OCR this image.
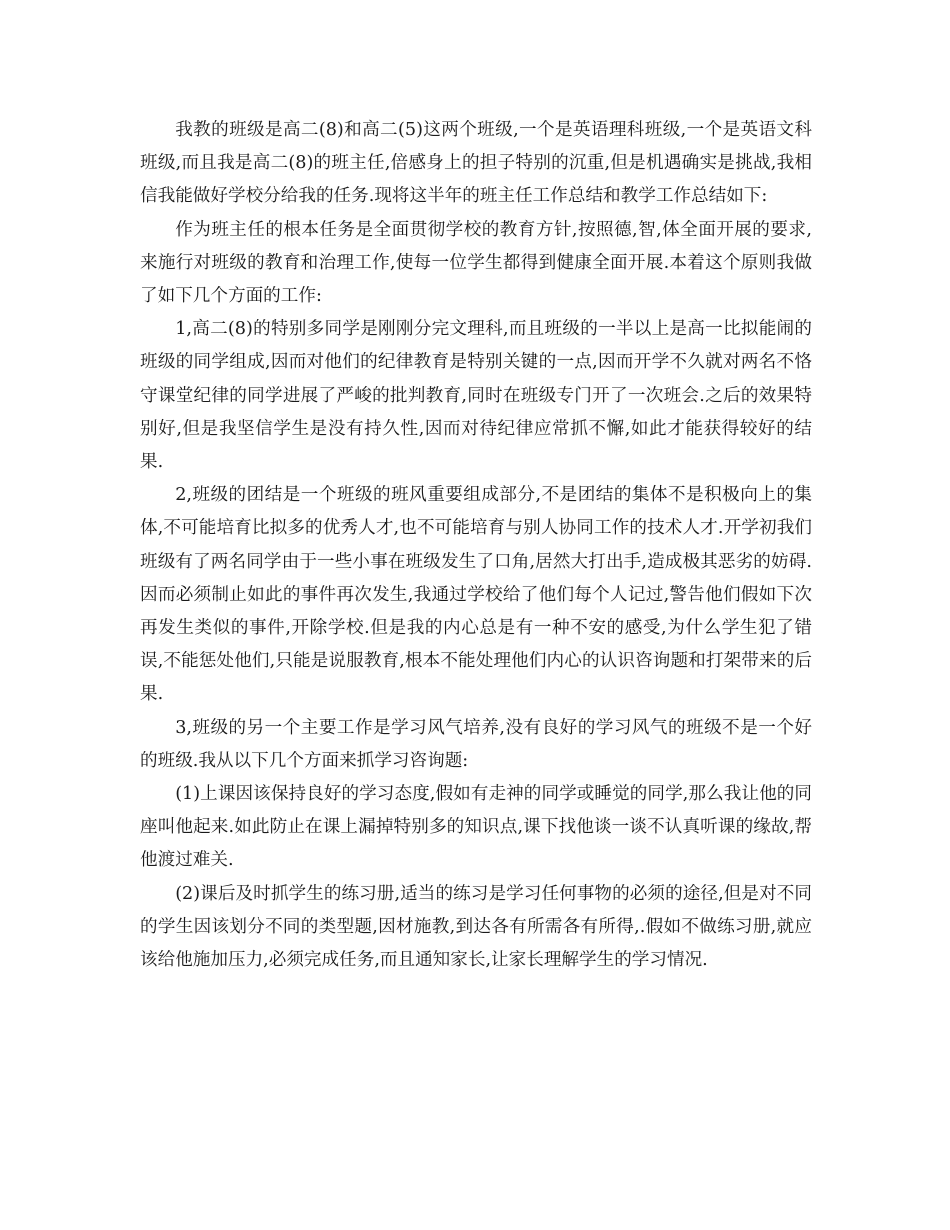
我教的班级是高二(8)和高二(5)这两个班级,一个是英语理科班级,一个是英语文科班级,而且我是高二(8)的班主任,倍感身上的担子特别的沉重,但是机遇确实是挑战,我相信我能做好学校分给我的任务.现将这半年的班主任工作总结和教学工作总结如下:

作为班主任的根本任务是全面贯彻学校的教育方针,按照德,智,体全面开展的要求,来施行对班级的教育和治理工作,使每一位学生都得到健康全面开展.本着这个原则我做了如下几个方面的工作:

1,高二(8)的特别多同学是刚刚分完文理科,而且班级的一半以上是高一比拟能闹的班级的同学组成,因而对他们的纪律教育是特别关键的一点,因而开学不久就对两名不恪守课堂纪律的同学进展了严峻的批判教育,同时在班级专门开了一次班会.之后的效果特别好,但是我坚信学生是没有持久性,因而对待纪律应常抓不懈,如此才能获得较好的结果.

2,班级的团结是一个班级的班风重要组成部分,不是团结的集体不是积极向上的集体,不可能培育比拟多的优秀人才,也不可能培育与别人协同工作的技术人才.开学初我们班级有了两名同学由于一些小事在班级发生了口角,居然大打出手,造成极其恶劣的妨碍.因而必须制止如此的事件再次发生,我通过学校给了他们每个人记过,警告他们假如下次再发生类似的事件,开除学校.但是我的内心总是有一种不安的感受,为什么学生犯了错误,不能惩处他们,只能是说服教育,根本不能处理他们内心的认识咨询题和打架带来的后果.

3,班级的另一个主要工作是学习风气培养,没有良好的学习风气的班级不是一个好的班级.我从以下几个方面来抓学习咨询题:

(1)上课因该保持良好的学习态度,假如有走神的同学或睡觉的同学,那么我让他的同座叫他起来.如此防止在课上漏掉特别多的知识点,课下找他谈一谈不认真听课的缘故,帮他渡过难关.

(2)课后及时抓学生的练习册,适当的练习是学习任何事物的必须的途径,但是对不同的学生因该划分不同的类型题,因材施教,到达各有所需各有所得,.假如不做练习册,就应该给他施加压力,必须完成任务,而且通知家长,让家长理解学生的学习情况.
